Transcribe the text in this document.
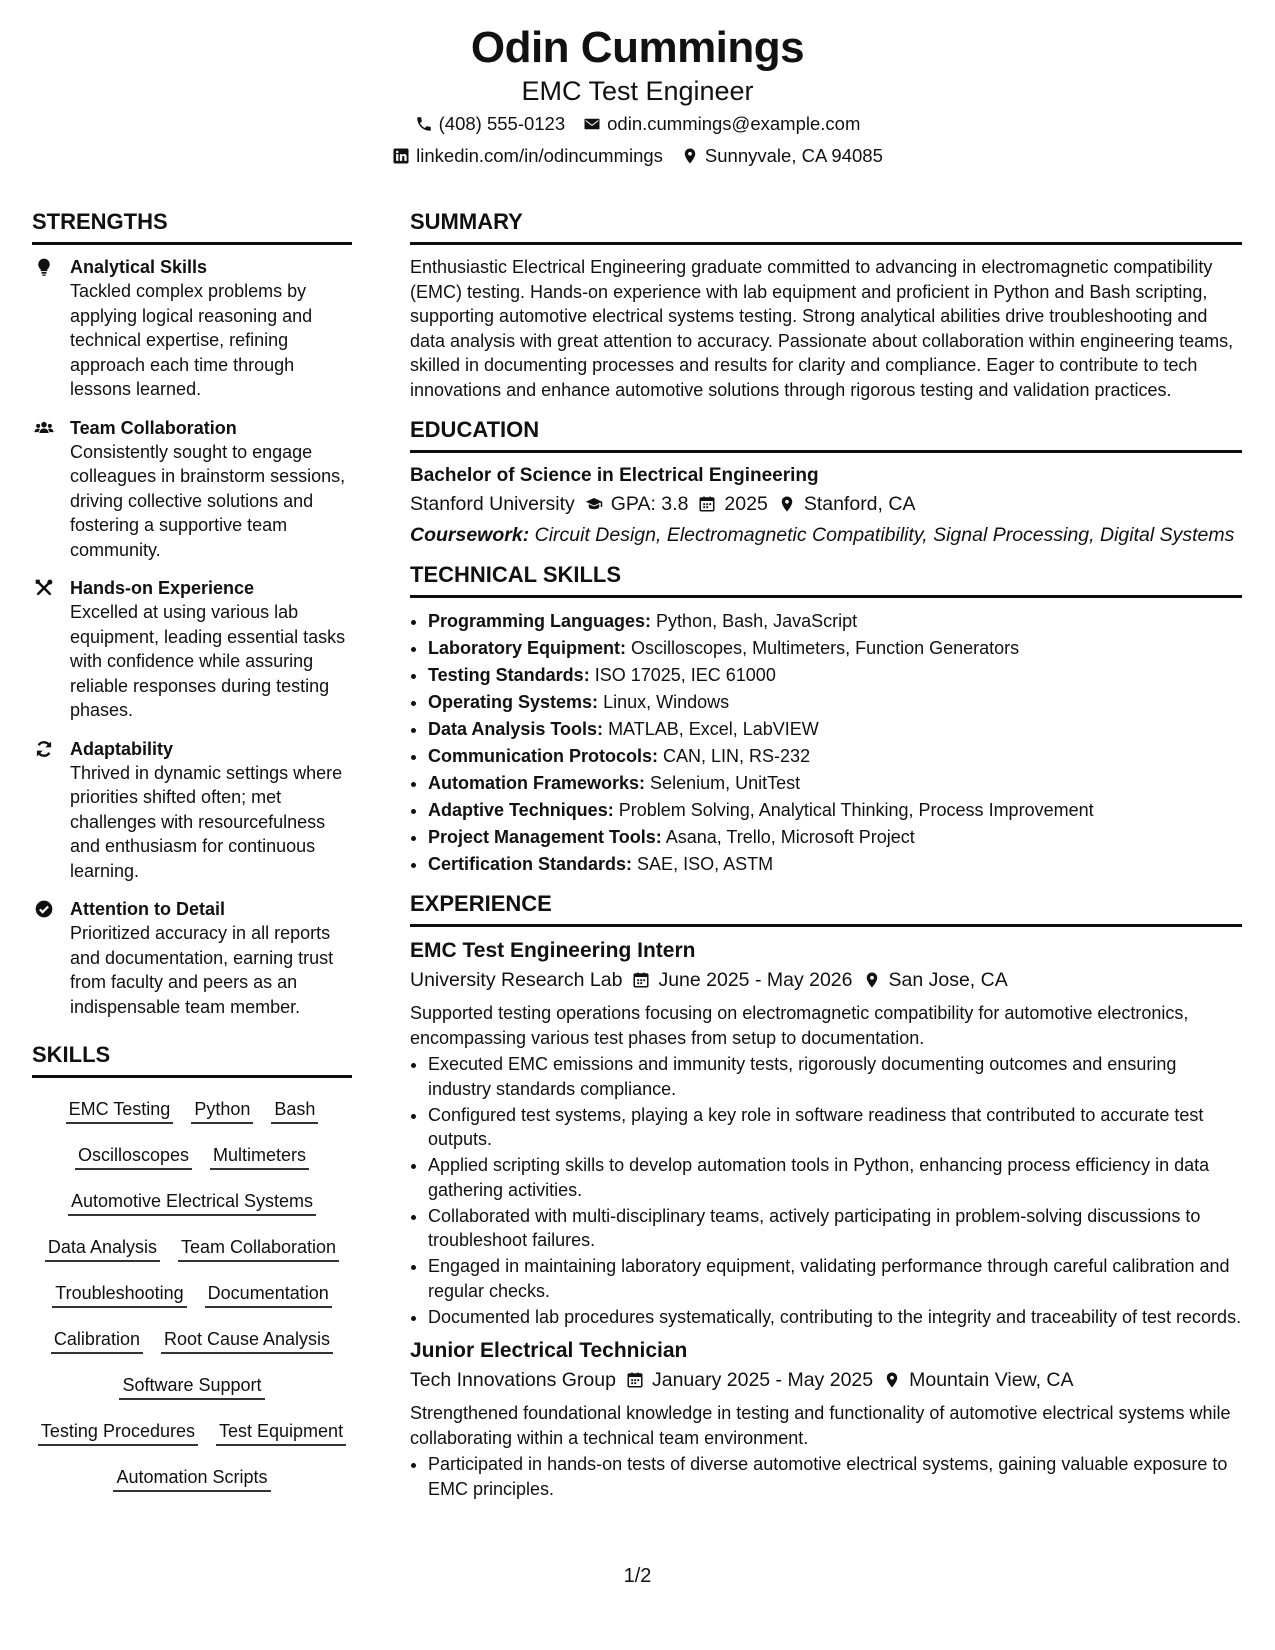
Odin Cummings
EMC Test Engineer
(408) 555-0123 odin.cummings@example.com
linkedin.com/in/odincummings Sunnyvale, CA 94085
STRENGTHS
Analytical Skills
Tackled complex problems by applying logical reasoning and technical expertise, refining approach each time through lessons learned.
Team Collaboration
Consistently sought to engage colleagues in brainstorm sessions, driving collective solutions and fostering a supportive team community.
Hands-on Experience
Excelled at using various lab equipment, leading essential tasks with confidence while assuring reliable responses during testing phases.
Adaptability
Thrived in dynamic settings where priorities shifted often; met challenges with resourcefulness and enthusiasm for continuous learning.
Attention to Detail
Prioritized accuracy in all reports and documentation, earning trust from faculty and peers as an indispensable team member.
SKILLS
EMC Testing Python Bash
Oscilloscopes Multimeters
Automotive Electrical Systems
Data Analysis Team Collaboration
Troubleshooting Documentation
Calibration Root Cause Analysis
Software Support
Testing Procedures Test Equipment
Automation Scripts
SUMMARY

Enthusiastic Electrical Engineering graduate committed to advancing in electromagnetic compatibility (EMC) testing. Hands-on experience with lab equipment and proficient in Python and Bash scripting, supporting automotive electrical systems testing. Strong analytical abilities drive troubleshooting and data analysis with great attention to accuracy. Passionate about collaboration within engineering teams, skilled in documenting processes and results for clarity and compliance. Eager to contribute to tech innovations and enhance automotive solutions through rigorous testing and validation practices.

EDUCATION
Bachelor of Science in Electrical Engineering
Stanford University GPA: 3.8 2025 Stanford, CA
Coursework: Circuit Design, Electromagnetic Compatibility, Signal Processing, Digital Systems
TECHNICAL SKILLS
• Programming Languages: Python, Bash, JavaScript
• Laboratory Equipment: Oscilloscopes, Multimeters, Function Generators
• Testing Standards: ISO 17025, IEC 61000
• Operating Systems: Linux, Windows
• Data Analysis Tools: MATLAB, Excel, LabVIEW
• Communication Protocols: CAN, LIN, RS-232
• Automation Frameworks: Selenium, UnitTest
• Adaptive Techniques: Problem Solving, Analytical Thinking, Process Improvement
• Project Management Tools: Asana, Trello, Microsoft Project
• Certification Standards: SAE, ISO, ASTM
EXPERIENCE
EMC Test Engineering Intern
University Research Lab June 2025 - May 2026 San Jose, CA

Supported testing operations focusing on electromagnetic compatibility for automotive electronics, encompassing various test phases from setup to documentation.

• Executed EMC emissions and immunity tests, rigorously documenting outcomes and ensuring industry standards compliance.
• Configured test systems, playing a key role in software readiness that contributed to accurate test outputs.
• Applied scripting skills to develop automation tools in Python, enhancing process efficiency in data gathering activities.
• Collaborated with multi-disciplinary teams, actively participating in problem-solving discussions to troubleshoot failures.
• Engaged in maintaining laboratory equipment, validating performance through careful calibration and regular checks.
• Documented lab procedures systematically, contributing to the integrity and traceability of test records.
Junior Electrical Technician
Tech Innovations Group January 2025 - May 2025 Mountain View, CA

Strengthened foundational knowledge in testing and functionality of automotive electrical systems while collaborating within a technical team environment.

• Participated in hands-on tests of diverse automotive electrical systems, gaining valuable exposure to EMC principles.
1/2
